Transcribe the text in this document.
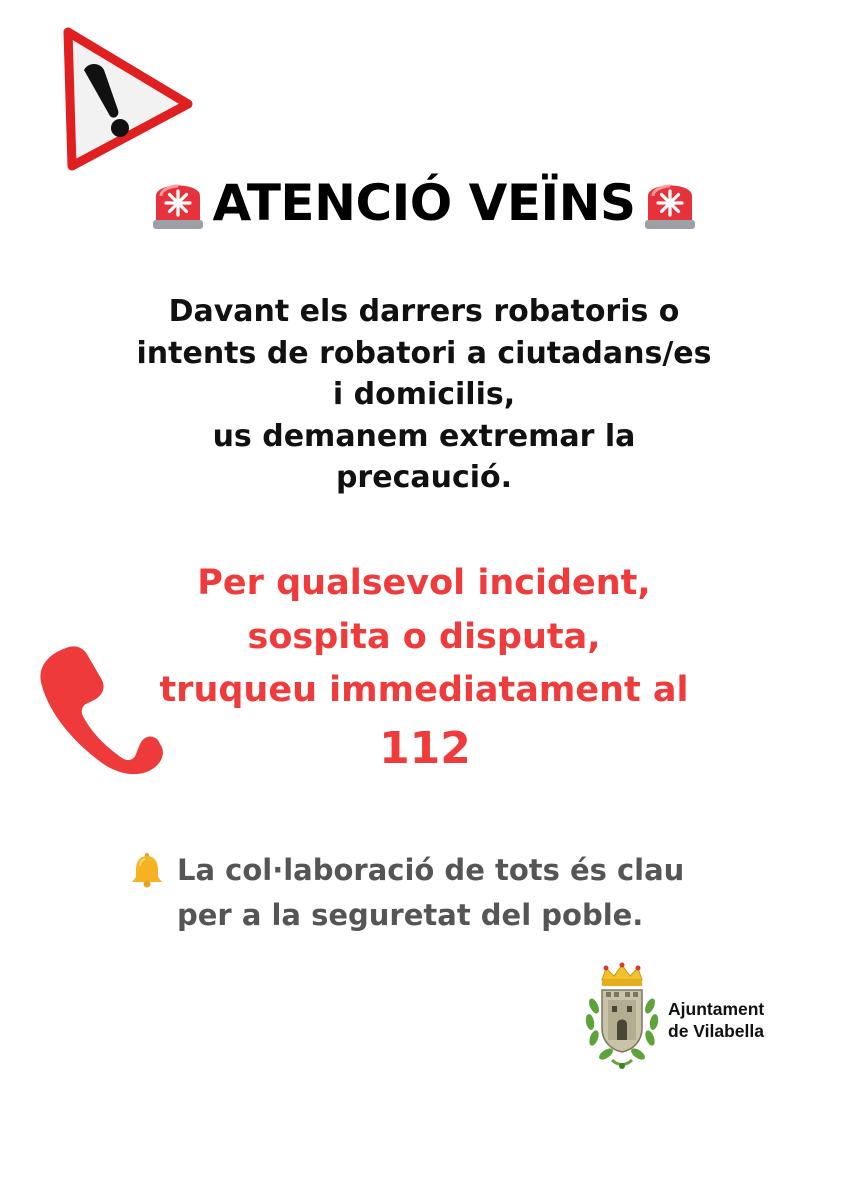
ATENCIÓ VEÏNS
Davant els darrers robatoris o
intents de robatori a ciutadans/es
i domicilis,
us demanem extremar la
precaució.
Per qualsevol incident,
sospita o disputa,
truqueu immediatament al
112
La col·laboració de tots és clau
per a la seguretat del poble.
Ajuntament
de Vilabella
